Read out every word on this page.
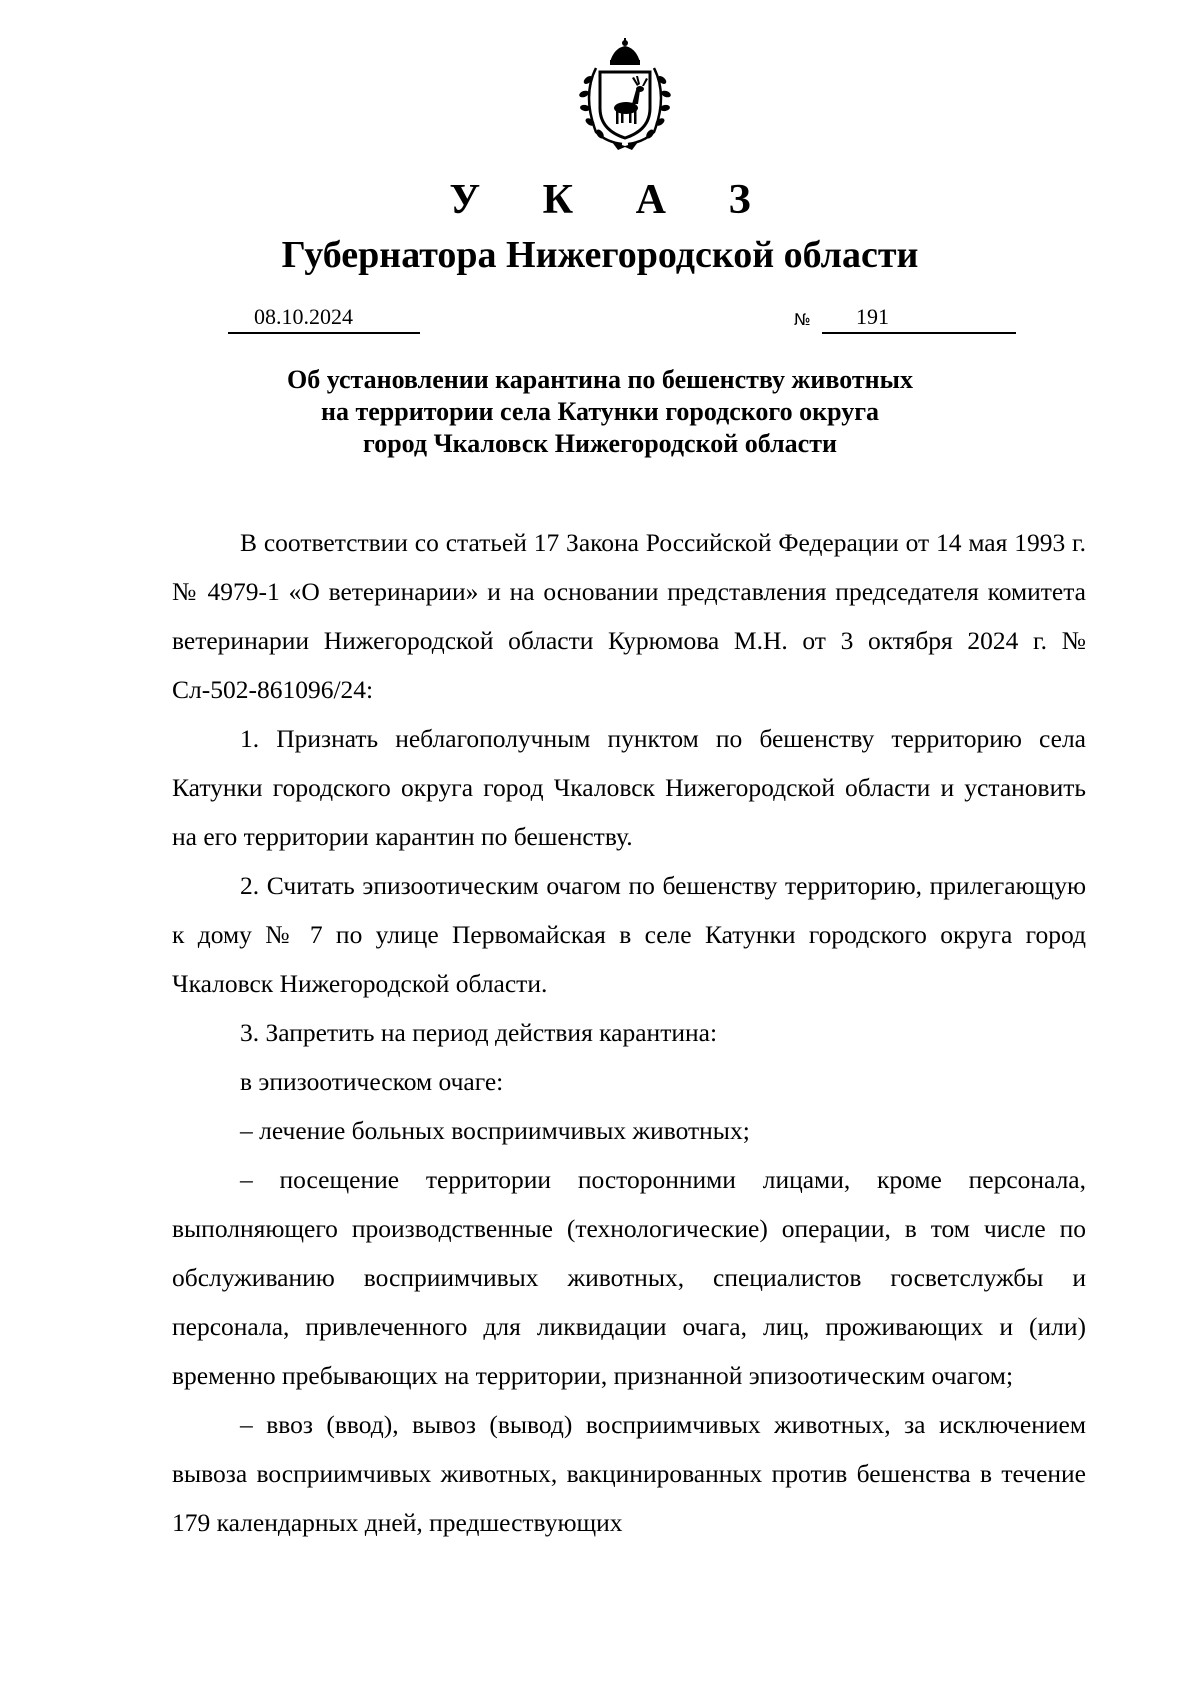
У К А З
Губернатора Нижегородской области
08.10.2024	№ 191
Об установлении карантина по бешенству животных
на территории села Катунки городского округа
город Чкаловск Нижегородской области

В соответствии со статьей 17 Закона Российской Федерации от 14 мая 1993 г. № 4979-1 «О ветеринарии» и на основании представления председателя комитета ветеринарии Нижегородской области Курюмова М.Н. от 3 октября 2024 г. № Сл-502-861096/24:

1. Признать неблагополучным пунктом по бешенству территорию села Катунки городского округа город Чкаловск Нижегородской области и установить на его территории карантин по бешенству.

2. Считать эпизоотическим очагом по бешенству территорию, прилегающую к дому № 7 по улице Первомайская в селе Катунки городского округа город Чкаловск Нижегородской области.

3. Запретить на период действия карантина:

в эпизоотическом очаге:

– лечение больных восприимчивых животных;

– посещение территории посторонними лицами, кроме персонала, выполняющего производственные (технологические) операции, в том числе по обслуживанию восприимчивых животных, специалистов госветслужбы и персонала, привлеченного для ликвидации очага, лиц, проживающих и (или) временно пребывающих на территории, признанной эпизоотическим очагом;

– ввоз (ввод), вывоз (вывод) восприимчивых животных, за исключением вывоза восприимчивых животных, вакцинированных против бешенства в течение 179 календарных дней, предшествующих
